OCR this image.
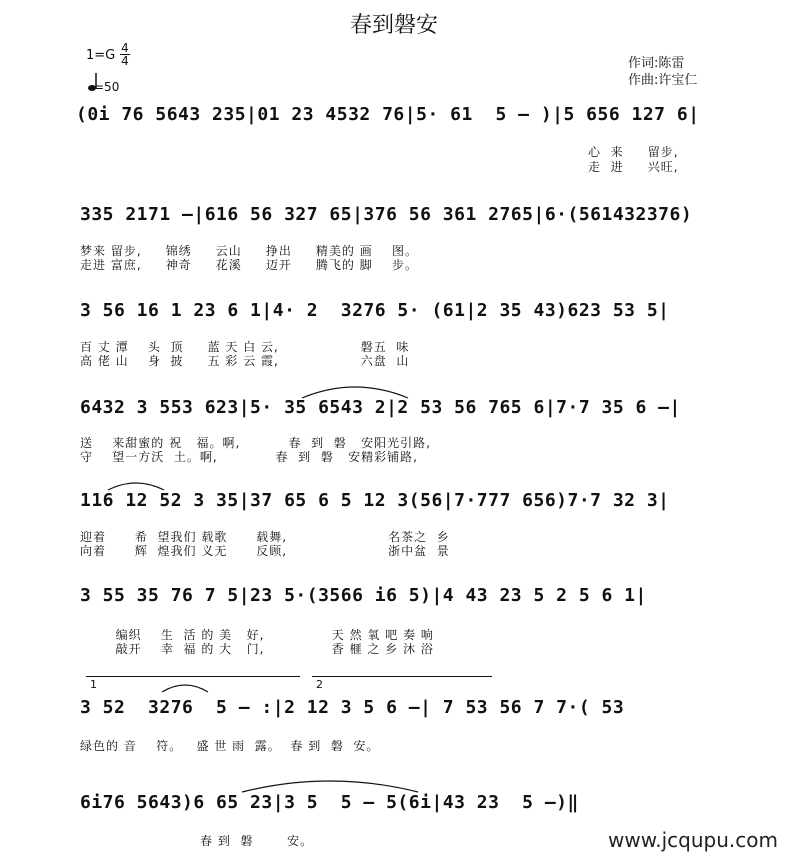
春到磐安
1=G 4
4
=50
作词:陈雷
作曲:许宝仁
(0i 76 5643 235|01 23 4532 76|5· 61  5 – )|5 656 127 6|
心  来     留步,
走  进     兴旺,
335 2171 –|616 56 327 65|376 56 361 2765|6·(561432376)
梦来 留步,     锦绣     云山     挣出     精美的 画    图。
走进 富庶,     神奇     花溪     迈开     腾飞的 脚    步。
3 56 16 1 23 6 1|4· 2  3276 5· (61|2 35 43)623 53 5|
百 丈 潭    头  顶     蓝 天 白 云,                 磐五  味
高 佬 山    身  披     五 彩 云 霞,                 六盘  山
6432 3 553 623|5· 35 6543 2|2 53 56 765 6|7·7 35 6 –|
送    来甜蜜的 祝   福。啊,          春  到  磐   安阳光引路,
守    望一方沃  土。啊,            春  到  磐   安精彩铺路,
116 12 52 3 35|37 65 6 5 12 3(56|7·777 656)7·7 32 3|
迎着      希  望我们 载歌      载舞,                     名茶之  乡
向着      辉  煌我们 义无      反顾,                     浙中盆  景
3 55 35 76 7 5|23 5·(3566 i6 5)|4 43 23 5 2 5 6 1|
编织    生  活 的 美   好,              天 然 氧 吧 奏 响
敲开    幸  福 的 大   门,              香 榧 之 乡 沐 浴
1	2
3 52  3276  5 – :|2 12 3 5 6 –| 7 53 56 7 7·( 53
绿色的 音    符。   盛 世 雨  露。  春 到  磐  安。
6i76 5643)6 65 23|3 5  5 – 5(6i|43 23  5 –)‖
春 到  磐       安。	www.jcqupu.com
